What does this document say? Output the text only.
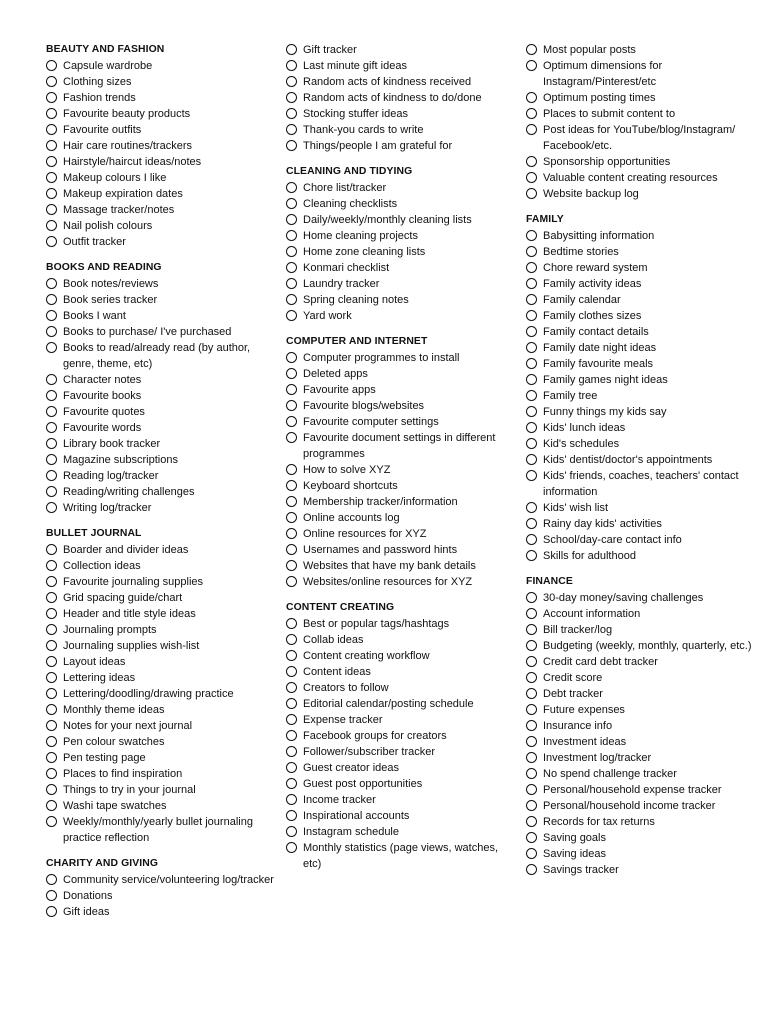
BEAUTY AND FASHION
Capsule wardrobe
Clothing sizes
Fashion trends
Favourite beauty products
Favourite outfits
Hair care routines/trackers
Hairstyle/haircut ideas/notes
Makeup colours I like
Makeup expiration dates
Massage tracker/notes
Nail polish colours
Outfit tracker
BOOKS AND READING
Book notes/reviews
Book series tracker
Books I want
Books to purchase/ I've purchased
Books to read/already read (by author, genre, theme, etc)
Character notes
Favourite books
Favourite quotes
Favourite words
Library book tracker
Magazine subscriptions
Reading log/tracker
Reading/writing challenges
Writing log/tracker
BULLET JOURNAL
Boarder and divider ideas
Collection ideas
Favourite journaling supplies
Grid spacing guide/chart
Header and title style ideas
Journaling prompts
Journaling supplies wish-list
Layout ideas
Lettering ideas
Lettering/doodling/drawing practice
Monthly theme ideas
Notes for your next journal
Pen colour swatches
Pen testing page
Places to find inspiration
Things to try in your journal
Washi tape swatches
Weekly/monthly/yearly bullet journaling practice reflection
CHARITY AND GIVING
Community service/volunteering log/tracker
Donations
Gift ideas
Gift tracker
Last minute gift ideas
Random acts of kindness received
Random acts of kindness to do/done
Stocking stuffer ideas
Thank-you cards to write
Things/people I am grateful for
CLEANING AND TIDYING
Chore list/tracker
Cleaning checklists
Daily/weekly/monthly cleaning lists
Home cleaning projects
Home zone cleaning lists
Konmari checklist
Laundry tracker
Spring cleaning notes
Yard work
COMPUTER AND INTERNET
Computer programmes to install
Deleted apps
Favourite apps
Favourite blogs/websites
Favourite computer settings
Favourite document settings in different programmes
How to solve XYZ
Keyboard shortcuts
Membership tracker/information
Online accounts log
Online resources for XYZ
Usernames and password hints
Websites that have my bank details
Websites/online resources for XYZ
CONTENT CREATING
Best or popular tags/hashtags
Collab ideas
Content creating workflow
Content ideas
Creators to follow
Editorial calendar/posting schedule
Expense tracker
Facebook groups for creators
Follower/subscriber tracker
Guest creator ideas
Guest post opportunities
Income tracker
Inspirational accounts
Instagram schedule
Monthly statistics (page views, watches, etc)
Most popular posts
Optimum dimensions for Instagram/Pinterest/etc
Optimum posting times
Places to submit content to
Post ideas for YouTube/blog/Instagram/ Facebook/etc.
Sponsorship opportunities
Valuable content creating resources
Website backup log
FAMILY
Babysitting information
Bedtime stories
Chore reward system
Family activity ideas
Family calendar
Family clothes sizes
Family contact details
Family date night ideas
Family favourite meals
Family games night ideas
Family tree
Funny things my kids say
Kids' lunch ideas
Kid's schedules
Kids' dentist/doctor's appointments
Kids' friends, coaches, teachers' contact information
Kids' wish list
Rainy day kids' activities
School/day-care contact info
Skills for adulthood
FINANCE
30-day money/saving challenges
Account information
Bill tracker/log
Budgeting (weekly, monthly, quarterly, etc.)
Credit card debt tracker
Credit score
Debt tracker
Future expenses
Insurance info
Investment ideas
Investment log/tracker
No spend challenge tracker
Personal/household expense tracker
Personal/household income tracker
Records for tax returns
Saving goals
Saving ideas
Savings tracker
